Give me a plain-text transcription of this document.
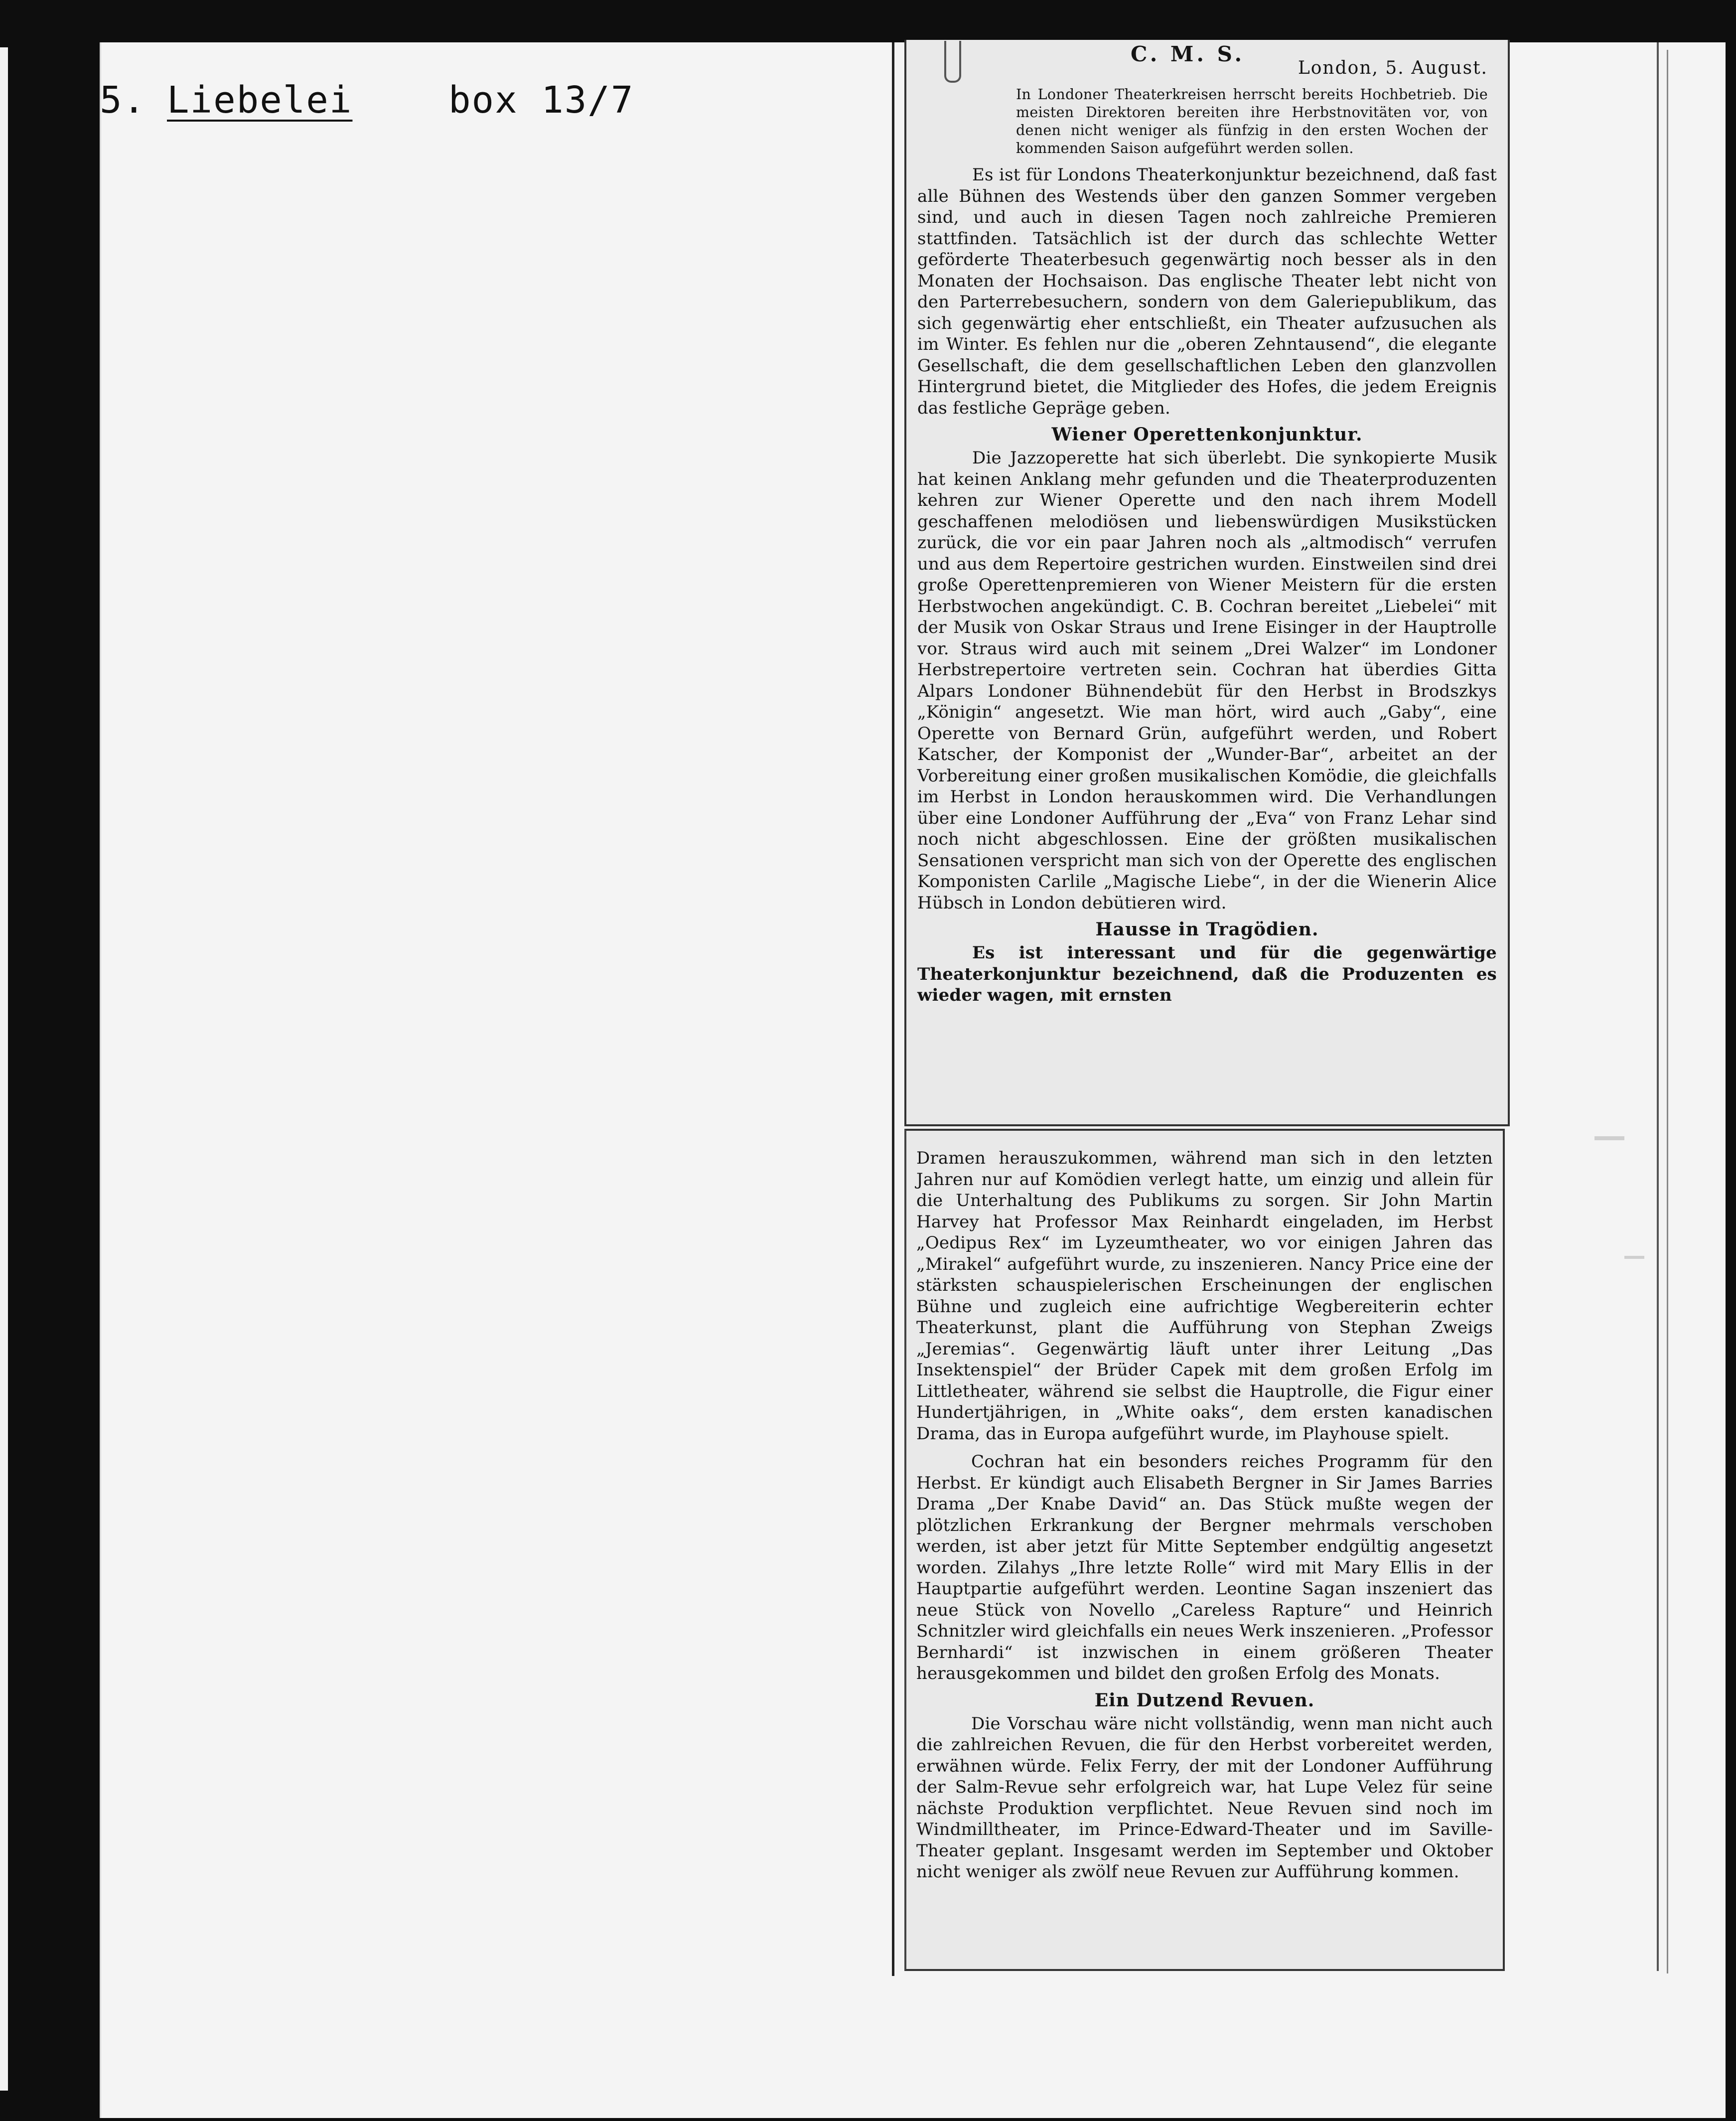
5. Liebelei	box 13/7
C. M. S.
London, 5. August.
In Londoner Theaterkreisen herrscht bereits Hochbetrieb. Die meisten Direktoren bereiten ihre Herbstnovitäten vor, von denen nicht weniger als fünfzig in den ersten Wochen der kommenden Saison aufgeführt werden sollen.
Es ist für Londons Theaterkonjunktur bezeichnend, daß fast alle Bühnen des Westends über den ganzen Sommer vergeben sind, und auch in diesen Tagen noch zahlreiche Premieren stattfinden. Tatsächlich ist der durch das schlechte Wetter geförderte Theaterbesuch gegenwärtig noch besser als in den Monaten der Hochsaison. Das englische Theater lebt nicht von den Parterrebesuchern, sondern von dem Galeriepublikum, das sich gegenwärtig eher entschließt, ein Theater aufzusuchen als im Winter. Es fehlen nur die „oberen Zehntausend“, die elegante Gesellschaft, die dem gesellschaftlichen Leben den glanzvollen Hintergrund bietet, die Mitglieder des Hofes, die jedem Ereignis das festliche Gepräge geben.
Wiener Operettenkonjunktur.
Die Jazzoperette hat sich überlebt. Die synkopierte Musik hat keinen Anklang mehr gefunden und die Theaterproduzenten kehren zur Wiener Operette und den nach ihrem Modell geschaffenen melodiösen und liebenswürdigen Musikstücken zurück, die vor ein paar Jahren noch als „altmodisch“ verrufen und aus dem Repertoire gestrichen wurden. Einstweilen sind drei große Operettenpremieren von Wiener Meistern für die ersten Herbstwochen angekündigt. C. B. Cochran bereitet „Liebelei“ mit der Musik von Oskar Straus und Irene Eisinger in der Hauptrolle vor. Straus wird auch mit seinem „Drei Walzer“ im Londoner Herbstrepertoire vertreten sein. Cochran hat überdies Gitta Alpars Londoner Bühnendebüt für den Herbst in Brodszkys „Königin“ angesetzt. Wie man hört, wird auch „Gaby“, eine Operette von Bernard Grün, aufgeführt werden, und Robert Katscher, der Komponist der „Wunder-Bar“, arbeitet an der Vorbereitung einer großen musikalischen Komödie, die gleichfalls im Herbst in London herauskommen wird. Die Verhandlungen über eine Londoner Aufführung der „Eva“ von Franz Lehar sind noch nicht abgeschlossen. Eine der größten musikalischen Sensationen verspricht man sich von der Operette des englischen Komponisten Carlile „Magische Liebe“, in der die Wienerin Alice Hübsch in London debütieren wird.
Hausse in Tragödien.
Es ist interessant und für die gegenwärtige Theaterkonjunktur bezeichnend, daß die Produzenten es wieder wagen, mit ernsten
Dramen herauszukommen, während man sich in den letzten Jahren nur auf Komödien verlegt hatte, um einzig und allein für die Unterhaltung des Publikums zu sorgen. Sir John Martin Harvey hat Professor Max Reinhardt eingeladen, im Herbst „Oedipus Rex“ im Lyzeumtheater, wo vor einigen Jahren das „Mirakel“ aufgeführt wurde, zu inszenieren. Nancy Price eine der stärksten schauspielerischen Erscheinungen der englischen Bühne und zugleich eine aufrichtige Wegbereiterin echter Theaterkunst, plant die Aufführung von Stephan Zweigs „Jeremias“. Gegenwärtig läuft unter ihrer Leitung „Das Insektenspiel“ der Brüder Capek mit dem großen Erfolg im Littletheater, während sie selbst die Hauptrolle, die Figur einer Hundertjährigen, in „White oaks“, dem ersten kanadischen Drama, das in Europa aufgeführt wurde, im Playhouse spielt.
Cochran hat ein besonders reiches Programm für den Herbst. Er kündigt auch Elisabeth Bergner in Sir James Barries Drama „Der Knabe David“ an. Das Stück mußte wegen der plötzlichen Erkrankung der Bergner mehrmals verschoben werden, ist aber jetzt für Mitte September endgültig angesetzt worden. Zilahys „Ihre letzte Rolle“ wird mit Mary Ellis in der Hauptpartie aufgeführt werden. Leontine Sagan inszeniert das neue Stück von Novello „Careless Rapture“ und Heinrich Schnitzler wird gleichfalls ein neues Werk inszenieren. „Professor Bernhardi“ ist inzwischen in einem größeren Theater herausgekommen und bildet den großen Erfolg des Monats.
Ein Dutzend Revuen.
Die Vorschau wäre nicht vollständig, wenn man nicht auch die zahlreichen Revuen, die für den Herbst vorbereitet werden, erwähnen würde. Felix Ferry, der mit der Londoner Aufführung der Salm-Revue sehr erfolgreich war, hat Lupe Velez für seine nächste Produktion verpflichtet. Neue Revuen sind noch im Windmilltheater, im Prince-Edward-Theater und im Saville-Theater geplant. Insgesamt werden im September und Oktober nicht weniger als zwölf neue Revuen zur Aufführung kommen.
